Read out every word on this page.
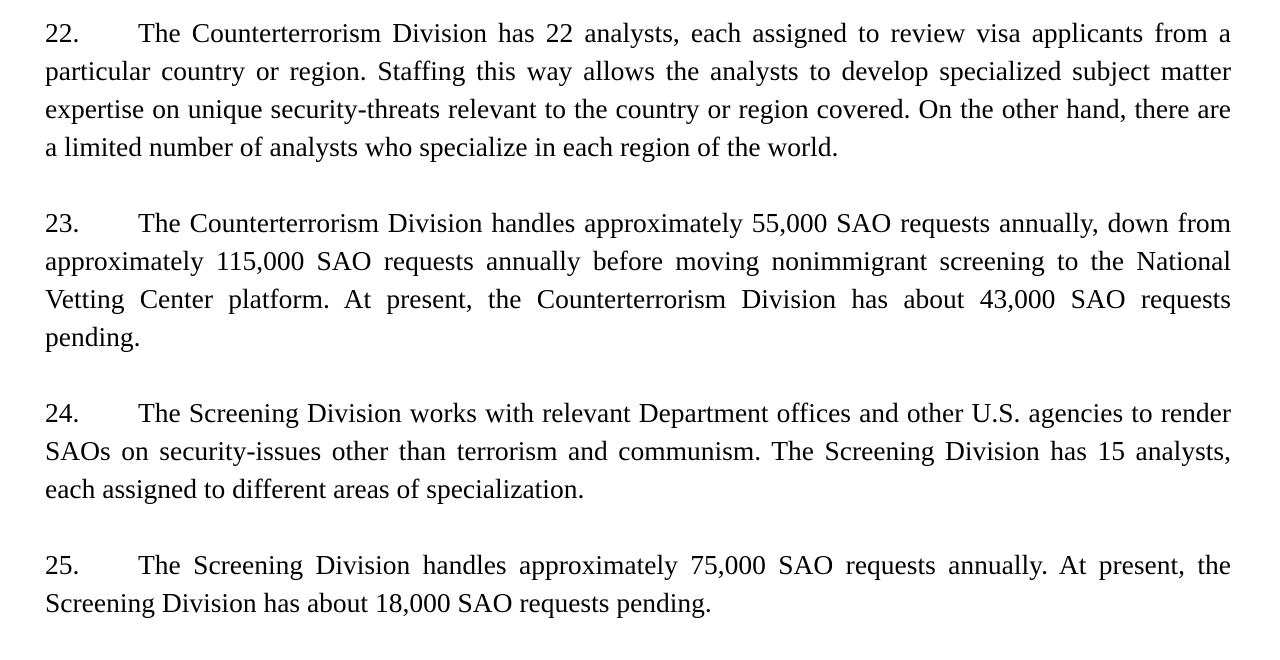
22. The Counterterrorism Division has 22 analysts, each assigned to review visa applicants from a particular country or region. Staffing this way allows the analysts to develop specialized subject matter expertise on unique security-threats relevant to the country or region covered. On the other hand, there are a limited number of analysts who specialize in each region of the world.

23. The Counterterrorism Division handles approximately 55,000 SAO requests annually, down from approximately 115,000 SAO requests annually before moving nonimmigrant screening to the National Vetting Center platform. At present, the Counterterrorism Division has about 43,000 SAO requests pending.

24. The Screening Division works with relevant Department offices and other U.S. agencies to render SAOs on security-issues other than terrorism and communism. The Screening Division has 15 analysts, each assigned to different areas of specialization.

25. The Screening Division handles approximately 75,000 SAO requests annually. At present, the Screening Division has about 18,000 SAO requests pending.
